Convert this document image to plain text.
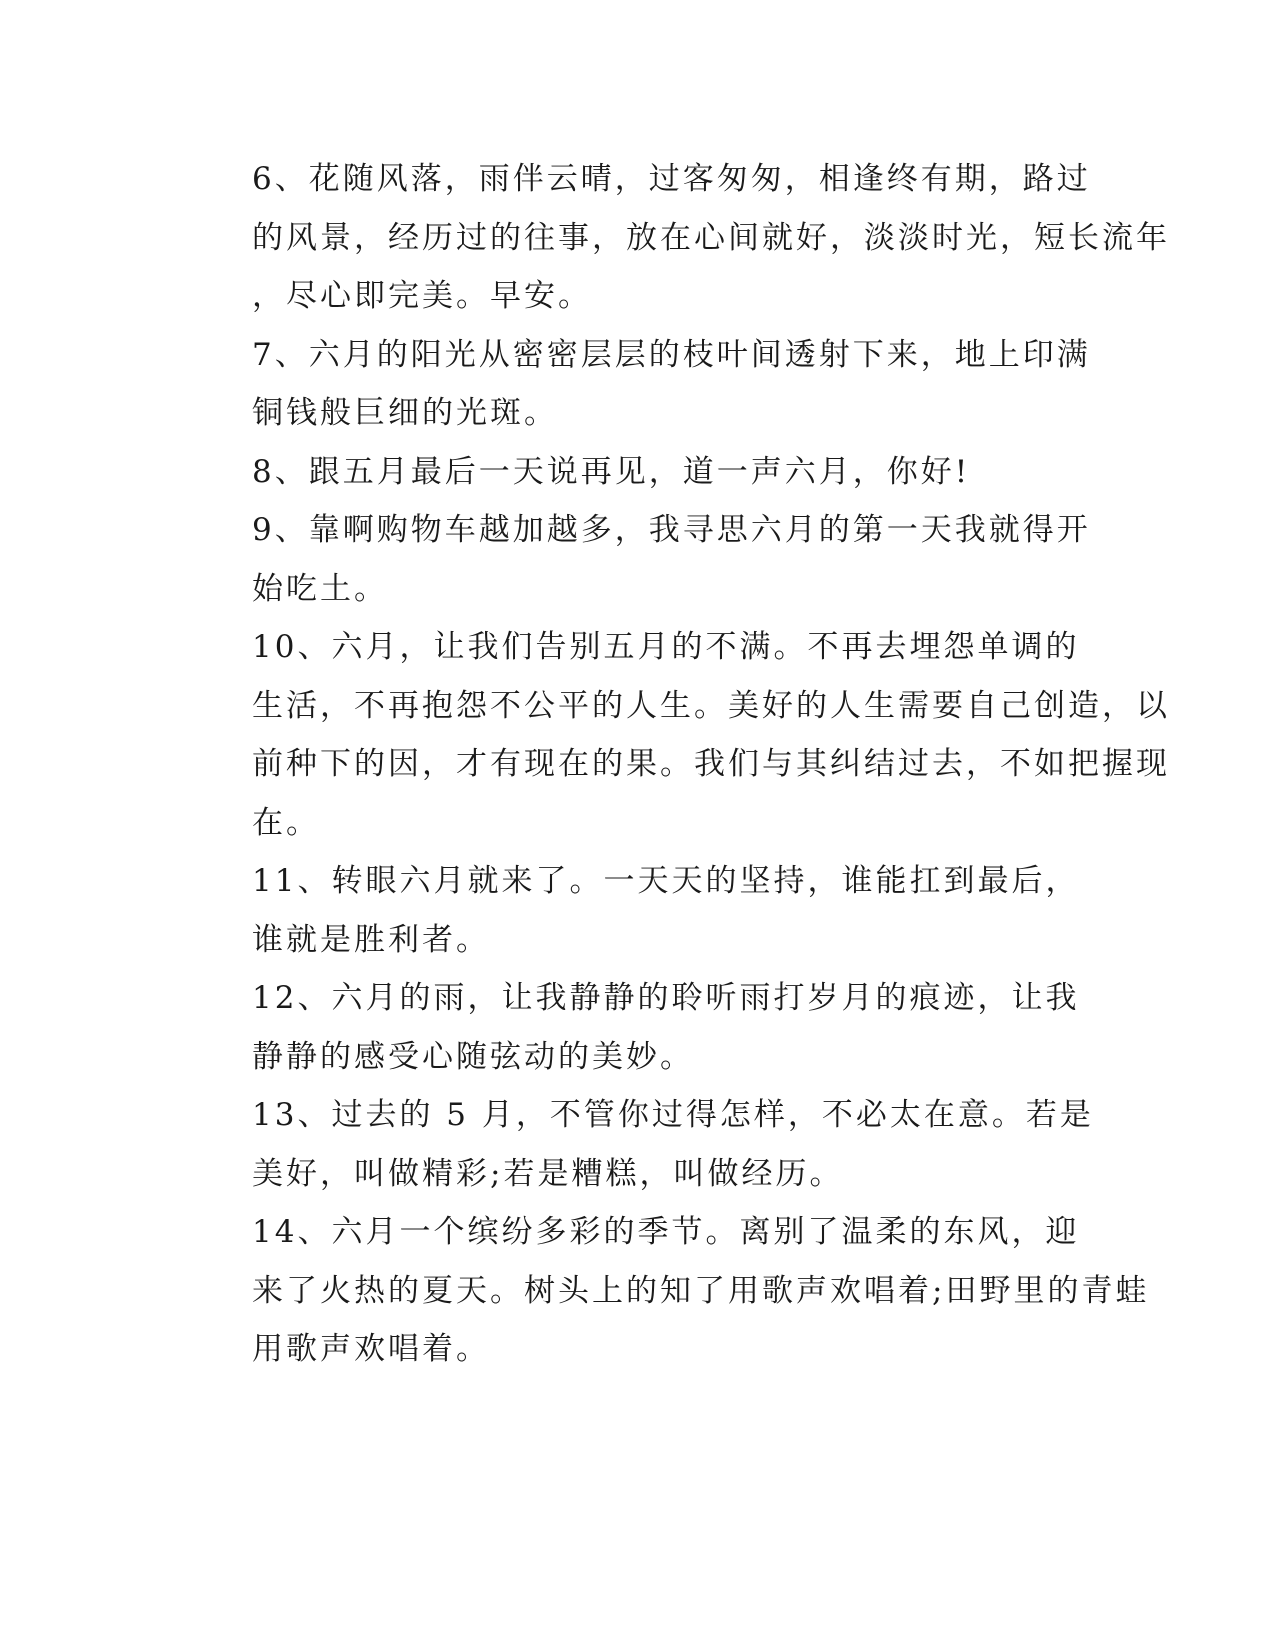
6、花随风落，雨伴云晴，过客匆匆，相逢终有期，路过
的风景，经历过的往事，放在心间就好，淡淡时光，短长流年
，尽心即完美。早安。

7、六月的阳光从密密层层的枝叶间透射下来，地上印满
铜钱般巨细的光斑。

8、跟五月最后一天说再见，道一声六月，你好!

9、靠啊购物车越加越多，我寻思六月的第一天我就得开
始吃土。

10、六月，让我们告别五月的不满。不再去埋怨单调的
生活，不再抱怨不公平的人生。美好的人生需要自己创造，以
前种下的因，才有现在的果。我们与其纠结过去，不如把握现
在。

11、转眼六月就来了。一天天的坚持，谁能扛到最后，
谁就是胜利者。

12、六月的雨，让我静静的聆听雨打岁月的痕迹，让我
静静的感受心随弦动的美妙。

13、过去的 5 月，不管你过得怎样，不必太在意。若是
美好，叫做精彩;若是糟糕，叫做经历。

14、六月一个缤纷多彩的季节。离别了温柔的东风，迎
来了火热的夏天。树头上的知了用歌声欢唱着;田野里的青蛙
用歌声欢唱着。
